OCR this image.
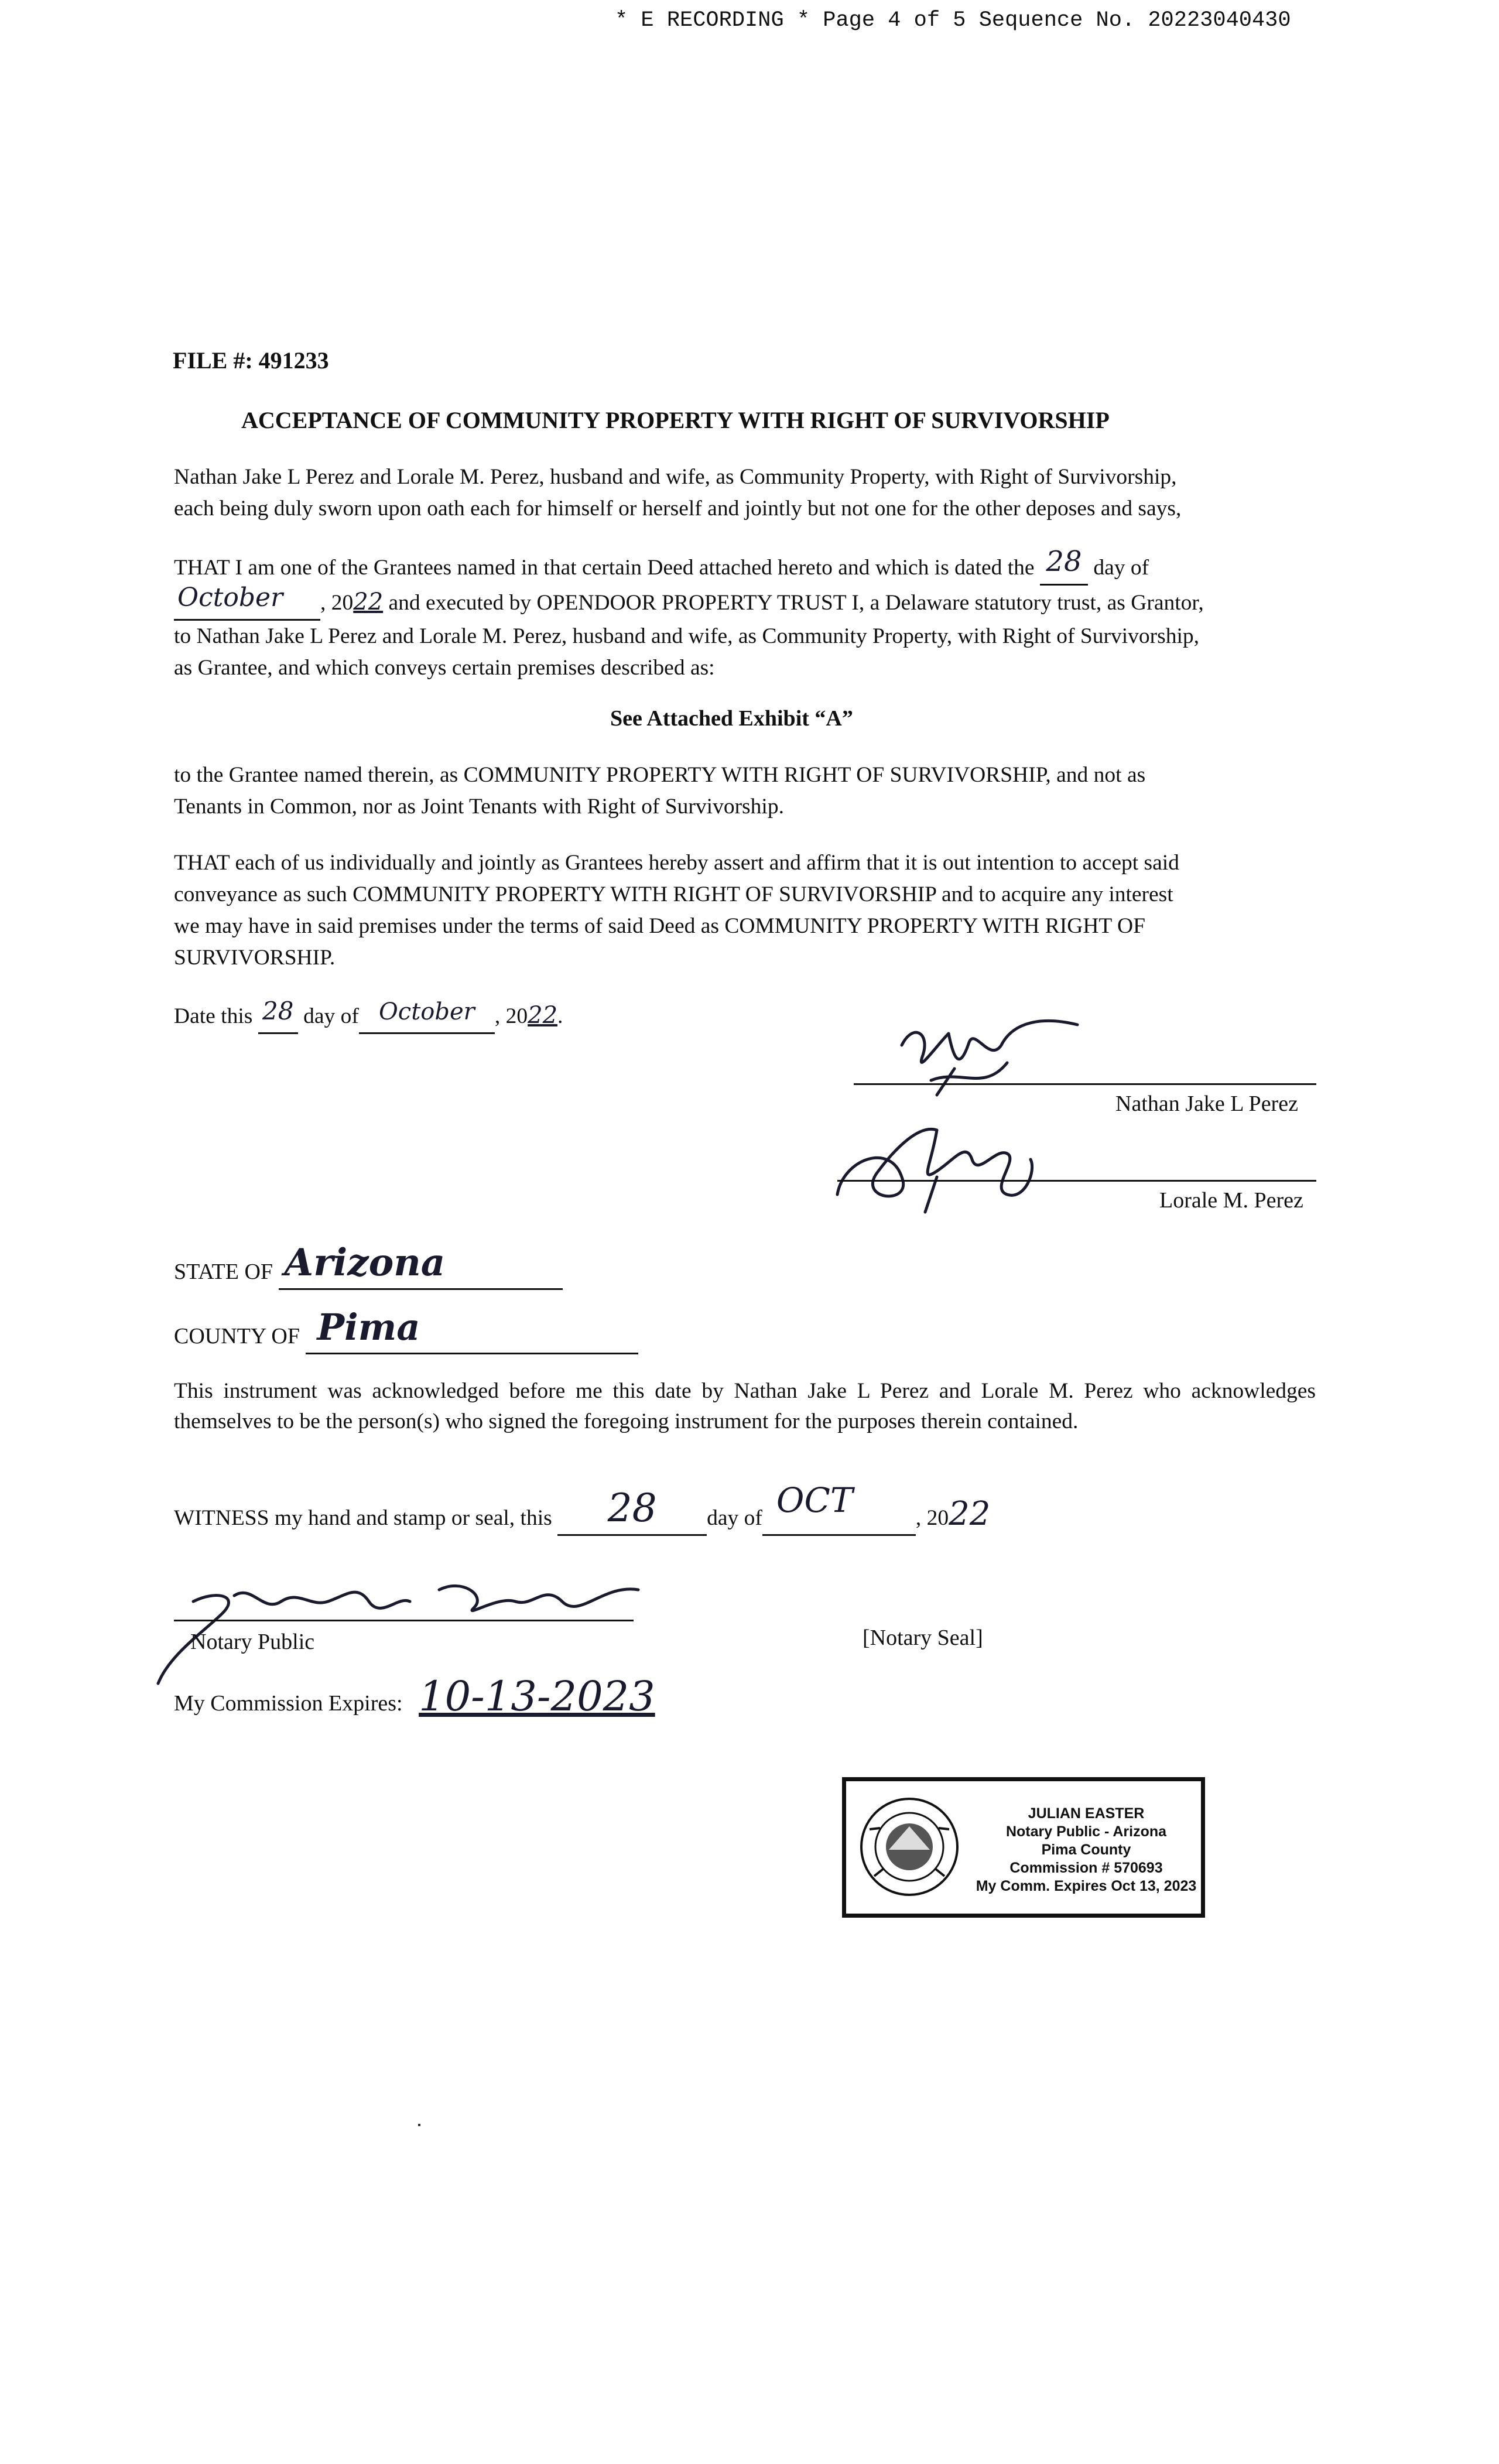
* E RECORDING * Page 4 of 5 Sequence No. 20223040430
FILE #: 491233
ACCEPTANCE OF COMMUNITY PROPERTY WITH RIGHT OF SURVIVORSHIP
Nathan Jake L Perez and Lorale M. Perez, husband and wife, as Community Property, with Right of Survivorship,
each being duly sworn upon oath each for himself or herself and jointly but not one for the other deposes and says,
THAT I am one of the Grantees named in that certain Deed attached hereto and which is dated the 28 day of
October , 2022 and executed by OPENDOOR PROPERTY TRUST I, a Delaware statutory trust, as Grantor,
to Nathan Jake L Perez and Lorale M. Perez, husband and wife, as Community Property, with Right of Survivorship,
as Grantee, and which conveys certain premises described as:
See Attached Exhibit “A”
to the Grantee named therein, as COMMUNITY PROPERTY WITH RIGHT OF SURVIVORSHIP, and not as
Tenants in Common, nor as Joint Tenants with Right of Survivorship.
THAT each of us individually and jointly as Grantees hereby assert and affirm that it is out intention to accept said
conveyance as such COMMUNITY PROPERTY WITH RIGHT OF SURVIVORSHIP and to acquire any interest
we may have in said premises under the terms of said Deed as COMMUNITY PROPERTY WITH RIGHT OF
SURVIVORSHIP.
Date this 28 day of October , 2022.
Nathan Jake L Perez
Lorale M. Perez
STATE OF Arizona
COUNTY OF Pima
This instrument was acknowledged before me this date by Nathan Jake L Perez and Lorale M. Perez who acknowledges themselves to be the person(s) who signed the foregoing instrument for the purposes therein contained.
WITNESS my hand and stamp or seal, this 28 day of OCT	, 2022
Notary Public	[Notary Seal]
My Commission Expires: 10-13-2023
JULIAN EASTER
Notary Public - Arizona
Pima County
Commission # 570693
My Comm. Expires Oct 13, 2023
